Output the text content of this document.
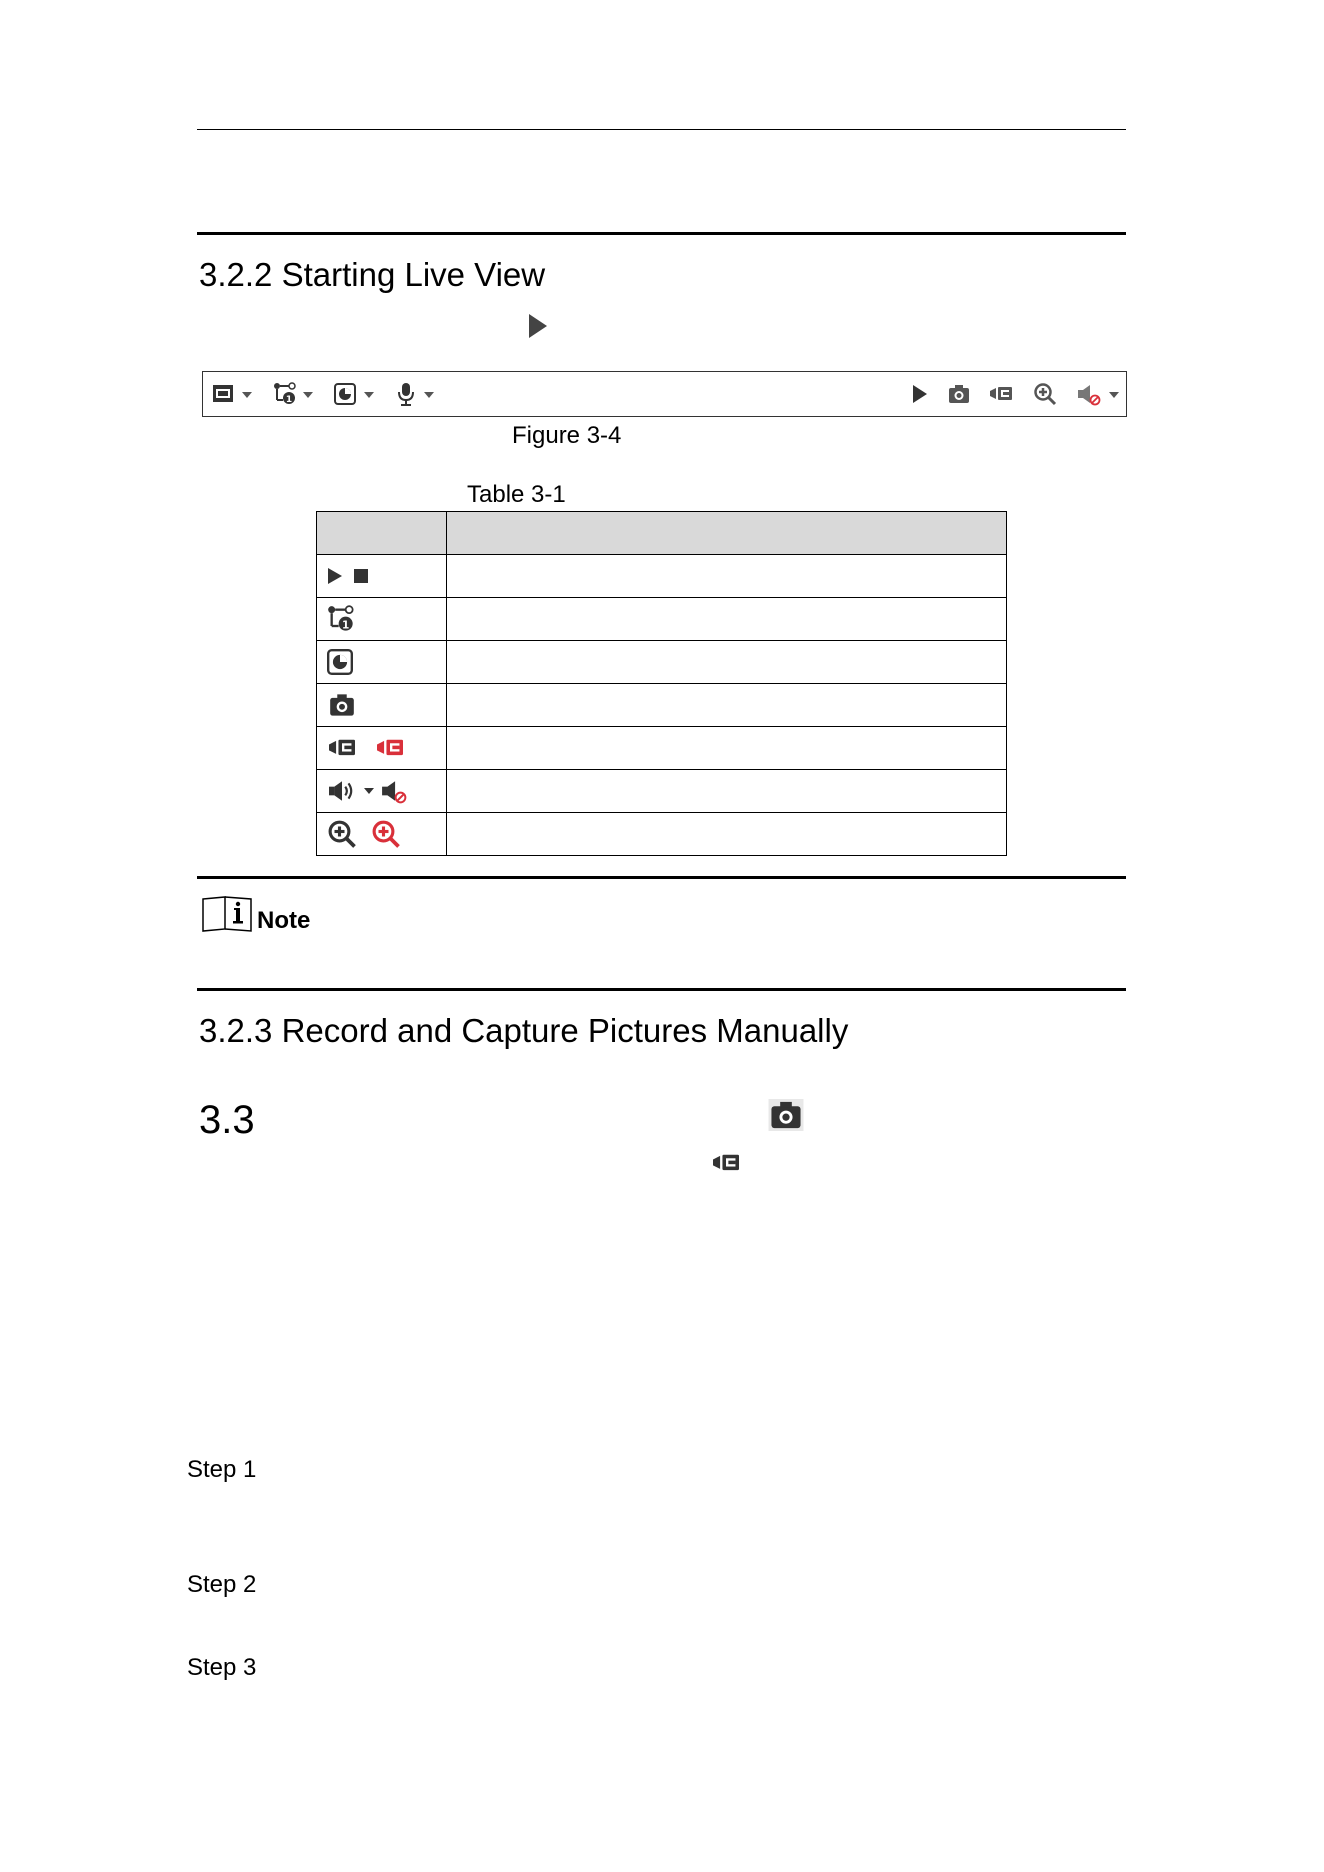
3.2.2 Starting Live View
1
Figure 3-4
Table 3-1

1	

Note
3.2.3 Record and Capture Pictures Manually
3.3
Step 1
Step 2
Step 3
